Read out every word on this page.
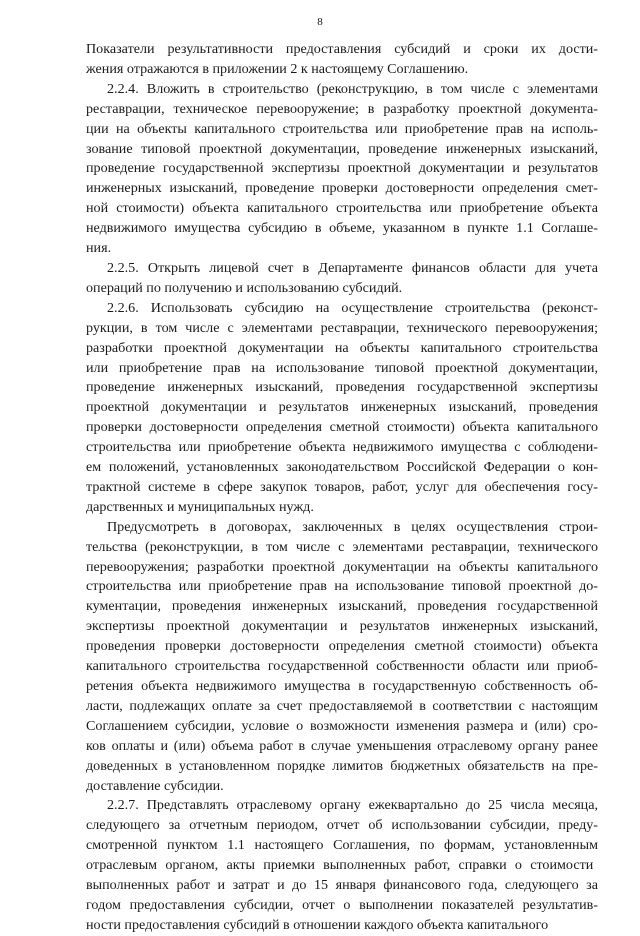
8

Показатели результативности предоставления субсидий и сроки их дости-

жения отражаются в приложении 2 к настоящему Соглашению.

2.2.4. Вложить в строительство (реконструкцию, в том числе с элементами

реставрации, техническое перевооружение; в разработку проектной документа-

ции на объекты капитального строительства или приобретение прав на исполь-

зование типовой проектной документации, проведение инженерных изысканий,

проведение государственной экспертизы проектной документации и результатов

инженерных изысканий, проведение проверки достоверности определения смет-

ной стоимости) объекта капитального строительства или приобретение объекта

недвижимого имущества субсидию в объеме, указанном в пункте 1.1 Соглаше-

ния.

2.2.5. Открыть лицевой счет в Департаменте финансов области для учета

операций по получению и использованию субсидий.

2.2.6. Использовать субсидию на осуществление строительства (реконст-

рукции, в том числе с элементами реставрации, технического перевооружения;

разработки проектной документации на объекты капитального строительства

или приобретение прав на использование типовой проектной документации,

проведение инженерных изысканий, проведения государственной экспертизы

проектной документации и результатов инженерных изысканий, проведения

проверки достоверности определения сметной стоимости) объекта капитального

строительства или приобретение объекта недвижимого имущества с соблюдени-

ем положений, установленных законодательством Российской Федерации о кон-

трактной системе в сфере закупок товаров, работ, услуг для обеспечения госу-

дарственных и муниципальных нужд.

Предусмотреть в договорах, заключенных в целях осуществления строи-

тельства (реконструкции, в том числе с элементами реставрации, технического

перевооружения; разработки проектной документации на объекты капитального

строительства или приобретение прав на использование типовой проектной до-

кументации, проведения инженерных изысканий, проведения государственной

экспертизы проектной документации и результатов инженерных изысканий,

проведения проверки достоверности определения сметной стоимости) объекта

капитального строительства государственной собственности области или приоб-

ретения объекта недвижимого имущества в государственную собственность об-

ласти, подлежащих оплате за счет предоставляемой в соответствии с настоящим

Соглашением субсидии, условие о возможности изменения размера и (или) сро-

ков оплаты и (или) объема работ в случае уменьшения отраслевому органу ранее

доведенных в установленном порядке лимитов бюджетных обязательств на пре-

доставление субсидии.

2.2.7. Представлять отраслевому органу ежеквартально до 25 числа месяца,

следующего за отчетным периодом, отчет об использовании субсидии, преду-

смотренной пунктом 1.1 настоящего Соглашения, по формам, установленным

отраслевым органом, акты приемки выполненных работ, справки о стоимости

выполненных работ и затрат и до 15 января финансового года, следующего за

годом предоставления субсидии, отчет о выполнении показателей результатив-

ности предоставления субсидий в отношении каждого объекта капитального
